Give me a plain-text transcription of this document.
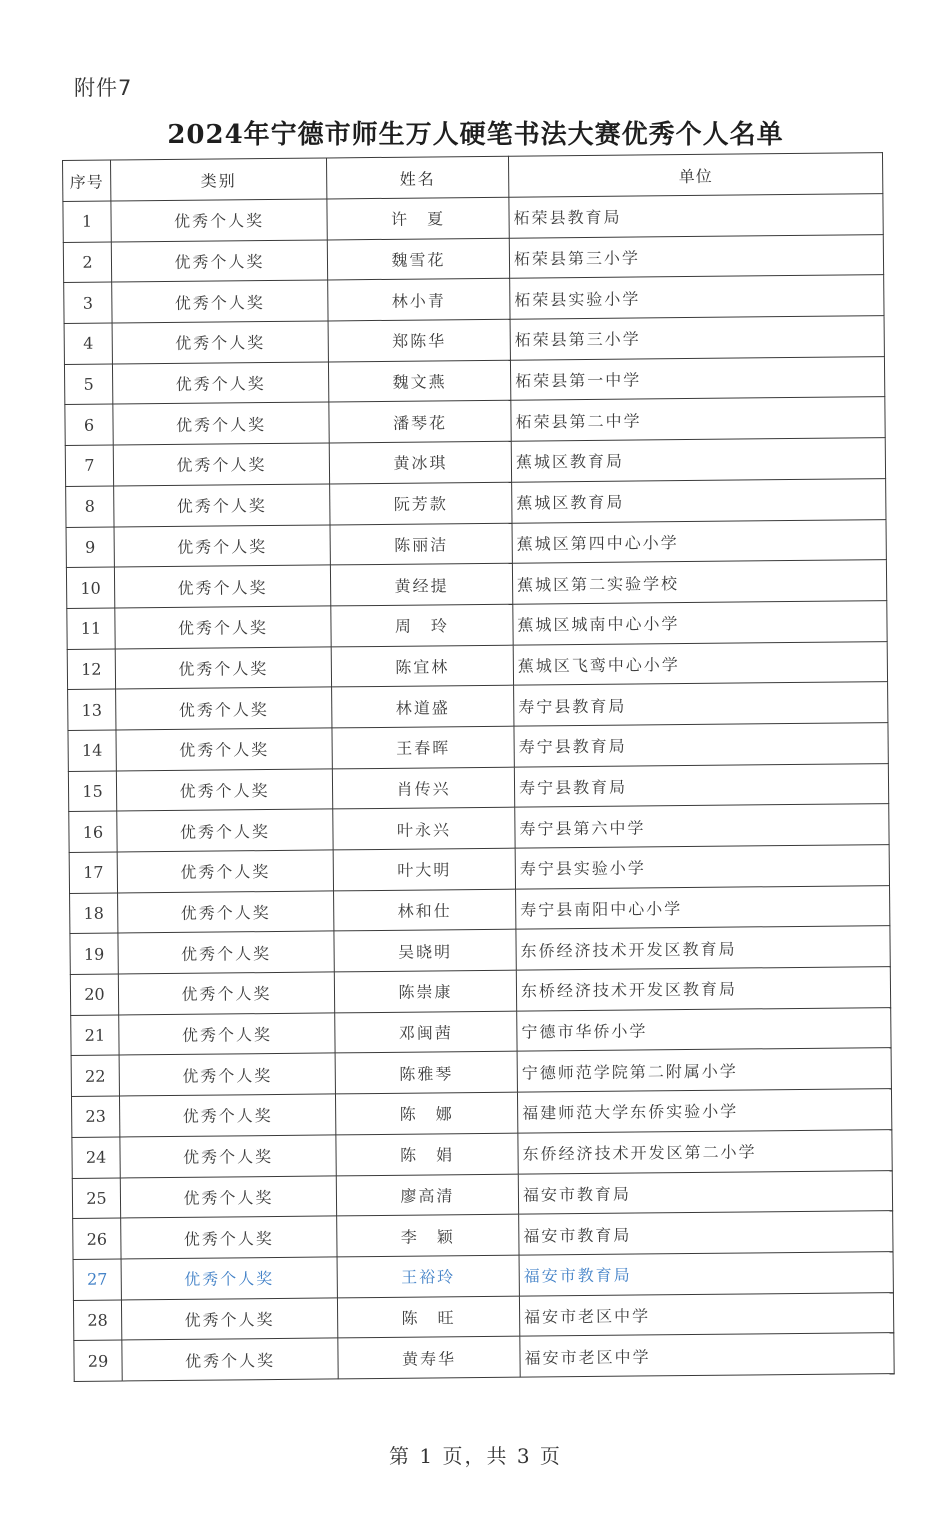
附件7
2024年宁德市师生万人硬笔书法大赛优秀个人名单
序号	类别	姓名	单位
1	优秀个人奖	许　夏	柘荣县教育局
2	优秀个人奖	魏雪花	柘荣县第三小学
3	优秀个人奖	林小青	柘荣县实验小学
4	优秀个人奖	郑陈华	柘荣县第三小学
5	优秀个人奖	魏文燕	柘荣县第一中学
6	优秀个人奖	潘琴花	柘荣县第二中学
7	优秀个人奖	黄冰琪	蕉城区教育局
8	优秀个人奖	阮芳款	蕉城区教育局
9	优秀个人奖	陈丽洁	蕉城区第四中心小学
10	优秀个人奖	黄经提	蕉城区第二实验学校
11	优秀个人奖	周　玲	蕉城区城南中心小学
12	优秀个人奖	陈宜林	蕉城区飞鸾中心小学
13	优秀个人奖	林道盛	寿宁县教育局
14	优秀个人奖	王春晖	寿宁县教育局
15	优秀个人奖	肖传兴	寿宁县教育局
16	优秀个人奖	叶永兴	寿宁县第六中学
17	优秀个人奖	叶大明	寿宁县实验小学
18	优秀个人奖	林和仕	寿宁县南阳中心小学
19	优秀个人奖	吴晓明	东侨经济技术开发区教育局
20	优秀个人奖	陈崇康	东桥经济技术开发区教育局
21	优秀个人奖	邓闽茜	宁德市华侨小学
22	优秀个人奖	陈雅琴	宁德师范学院第二附属小学
23	优秀个人奖	陈　娜	福建师范大学东侨实验小学
24	优秀个人奖	陈　娟	东侨经济技术开发区第二小学
25	优秀个人奖	廖高清	福安市教育局
26	优秀个人奖	李　颖	福安市教育局
27	优秀个人奖	王裕玲	福安市教育局
28	优秀个人奖	陈　旺	福安市老区中学
29	优秀个人奖	黄寿华	福安市老区中学
第 1 页，共 3 页
